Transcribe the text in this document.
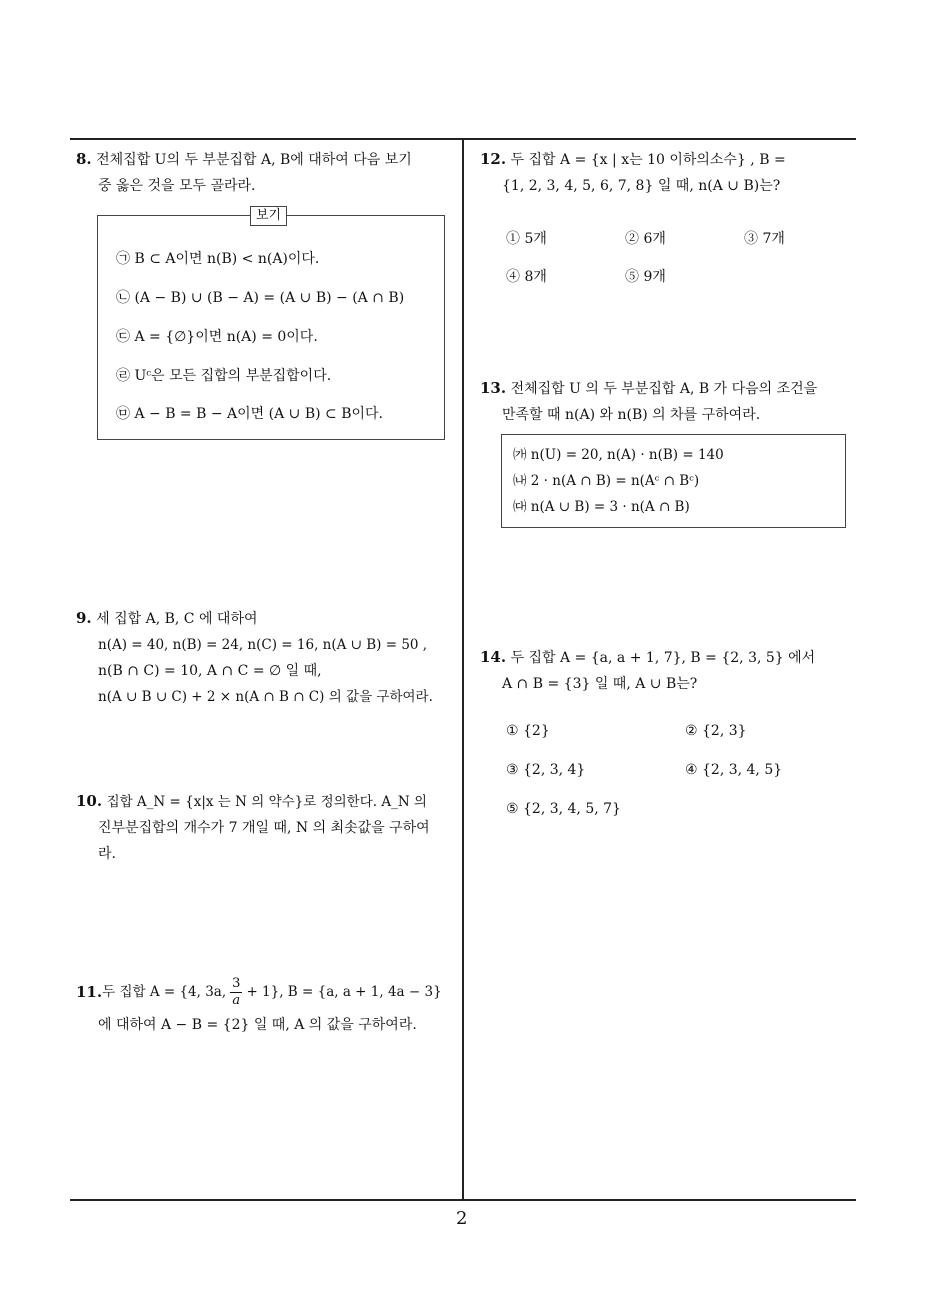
8. 전체집합 U의 두 부분집합 A, B에 대하여 다음 보기
중 옳은 것을 모두 골라라.
보기
㉠ B ⊂ A이면 n(B) < n(A)이다.
㉡ (A − B) ∪ (B − A) = (A ∪ B) − (A ∩ B)
㉢ A = {∅}이면 n(A) = 0이다.
㉣ Uᶜ은 모든 집합의 부분집합이다.
㉤ A − B = B − A이면 (A ∪ B) ⊂ B이다.
9. 세 집합 A, B, C 에 대하여
n(A) = 40, n(B) = 24, n(C) = 16, n(A ∪ B) = 50 ,
n(B ∩ C) = 10, A ∩ C = ∅ 일 때,
n(A ∪ B ∪ C) + 2 × n(A ∩ B ∩ C) 의 값을 구하여라.
10. 집합 A_N = {x|x 는 N 의 약수}로 정의한다. A_N 의
진부분집합의 개수가 7 개일 때, N 의 최솟값을 구하여
라.
11. 두 집합 A = {4, 3a, $\frac{3}{a} + 1$}, B = {a, a + 1, 4a − 3}
에 대하여 A − B = {2} 일 때, A 의 값을 구하여라.
12. 두 집합 A = {x | x는 10 이하의소수} , B =
{1, 2, 3, 4, 5, 6, 7, 8} 일 때, n(A ∪ B)는?
① 5개	② 6개	③ 7개
④ 8개	⑤ 9개
13. 전체집합 U 의 두 부분집합 A, B 가 다음의 조건을
만족할 때 n(A) 와 n(B) 의 차를 구하여라.
㈎ n(U) = 20, n(A) · n(B) = 140
㈏ 2 · n(A ∩ B) = n(Aᶜ ∩ Bᶜ)
㈐ n(A ∪ B) = 3 · n(A ∩ B)
14. 두 집합 A = {a, a + 1, 7}, B = {2, 3, 5} 에서
A ∩ B = {3} 일 때, A ∪ B는?
① {2}	② {2, 3}
③ {2, 3, 4}	④ {2, 3, 4, 5}
⑤ {2, 3, 4, 5, 7}
2
